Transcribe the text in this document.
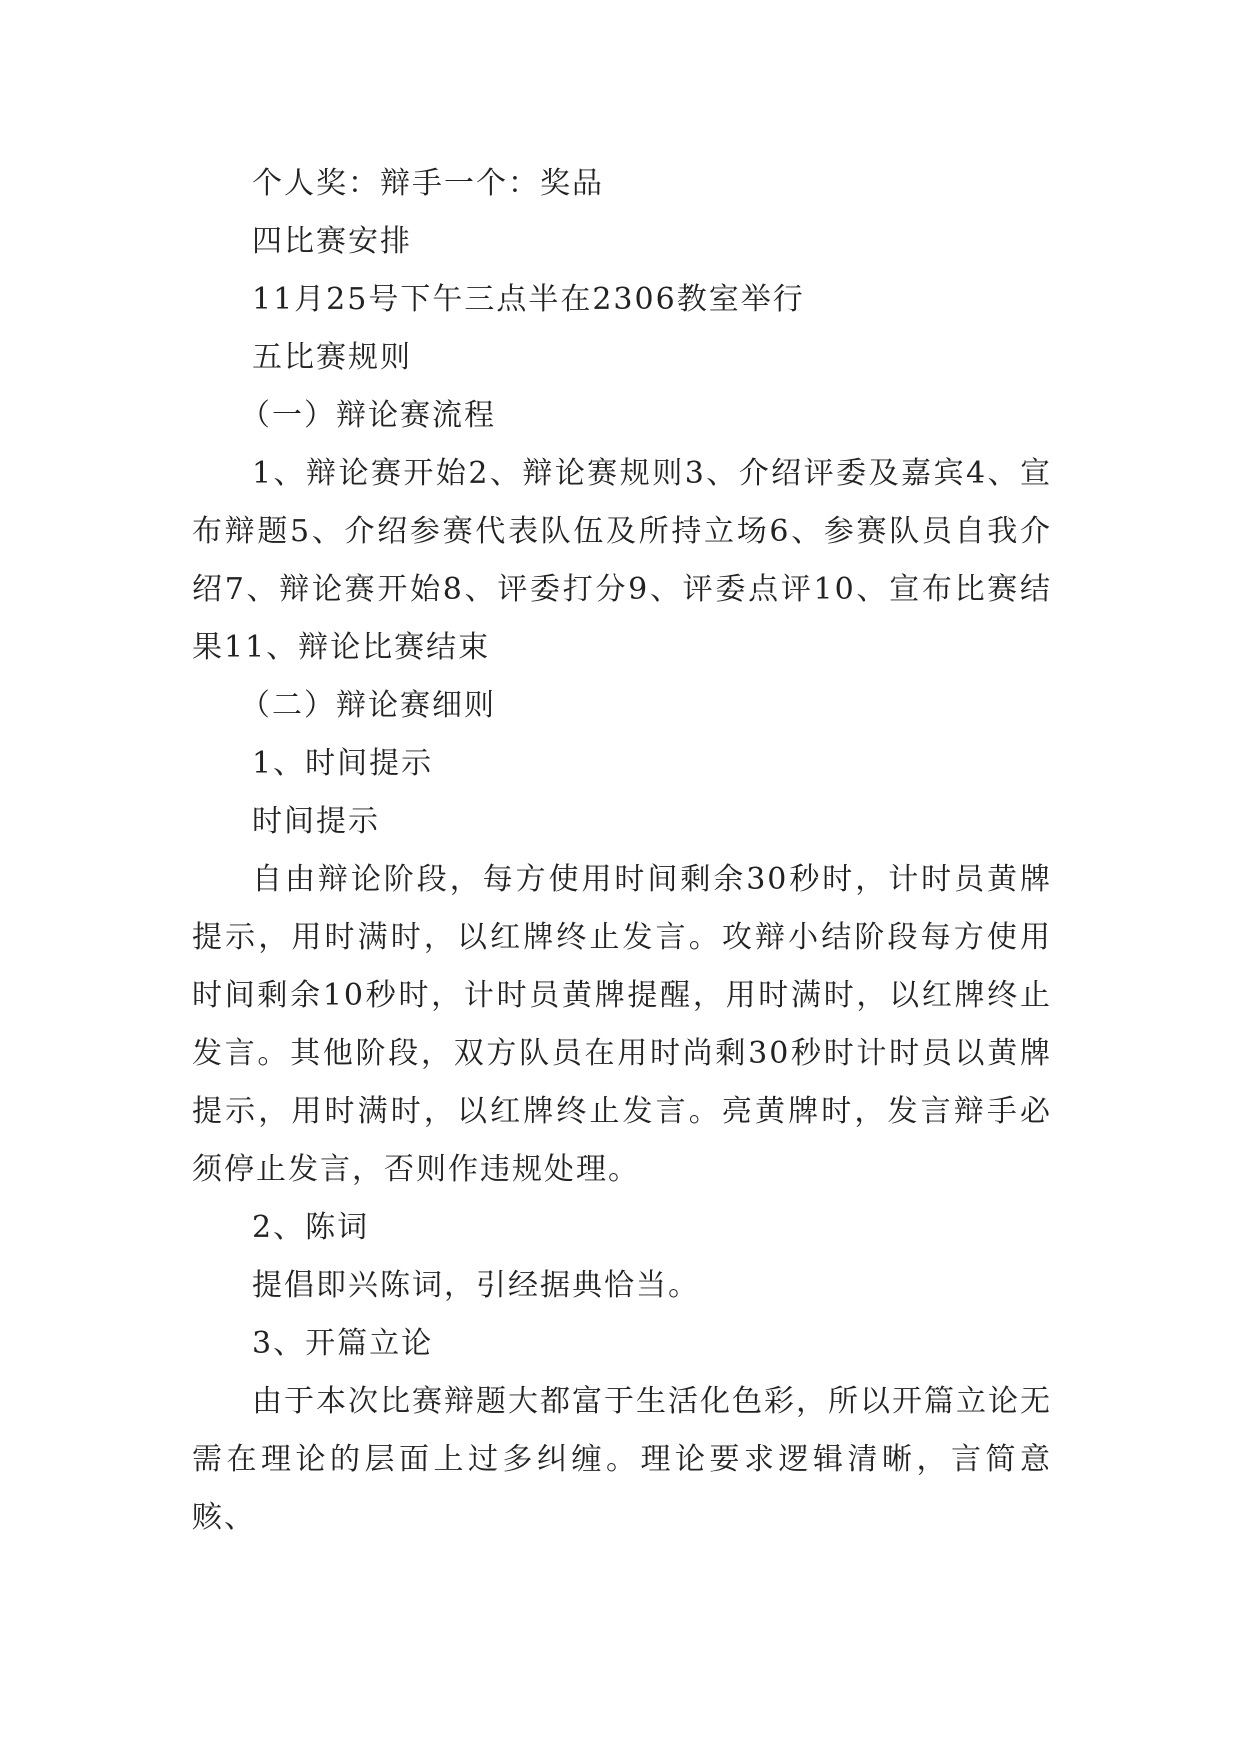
个人奖：辩手一个：奖品

四比赛安排

11月25号下午三点半在2306教室举行

五比赛规则

（一）辩论赛流程

1、辩论赛开始2、辩论赛规则3、介绍评委及嘉宾4、宣布辩题5、介绍参赛代表队伍及所持立场6、参赛队员自我介绍7、辩论赛开始8、评委打分9、评委点评10、宣布比赛结果11、辩论比赛结束

（二）辩论赛细则

1、时间提示

时间提示

自由辩论阶段，每方使用时间剩余30秒时，计时员黄牌提示，用时满时，以红牌终止发言。攻辩小结阶段每方使用时间剩余10秒时，计时员黄牌提醒，用时满时，以红牌终止发言。其他阶段，双方队员在用时尚剩30秒时计时员以黄牌提示，用时满时，以红牌终止发言。亮黄牌时，发言辩手必须停止发言，否则作违规处理。

2、陈词

提倡即兴陈词，引经据典恰当。

3、开篇立论

由于本次比赛辩题大都富于生活化色彩，所以开篇立论无需在理论的层面上过多纠缠。理论要求逻辑清晰，言简意赅、
